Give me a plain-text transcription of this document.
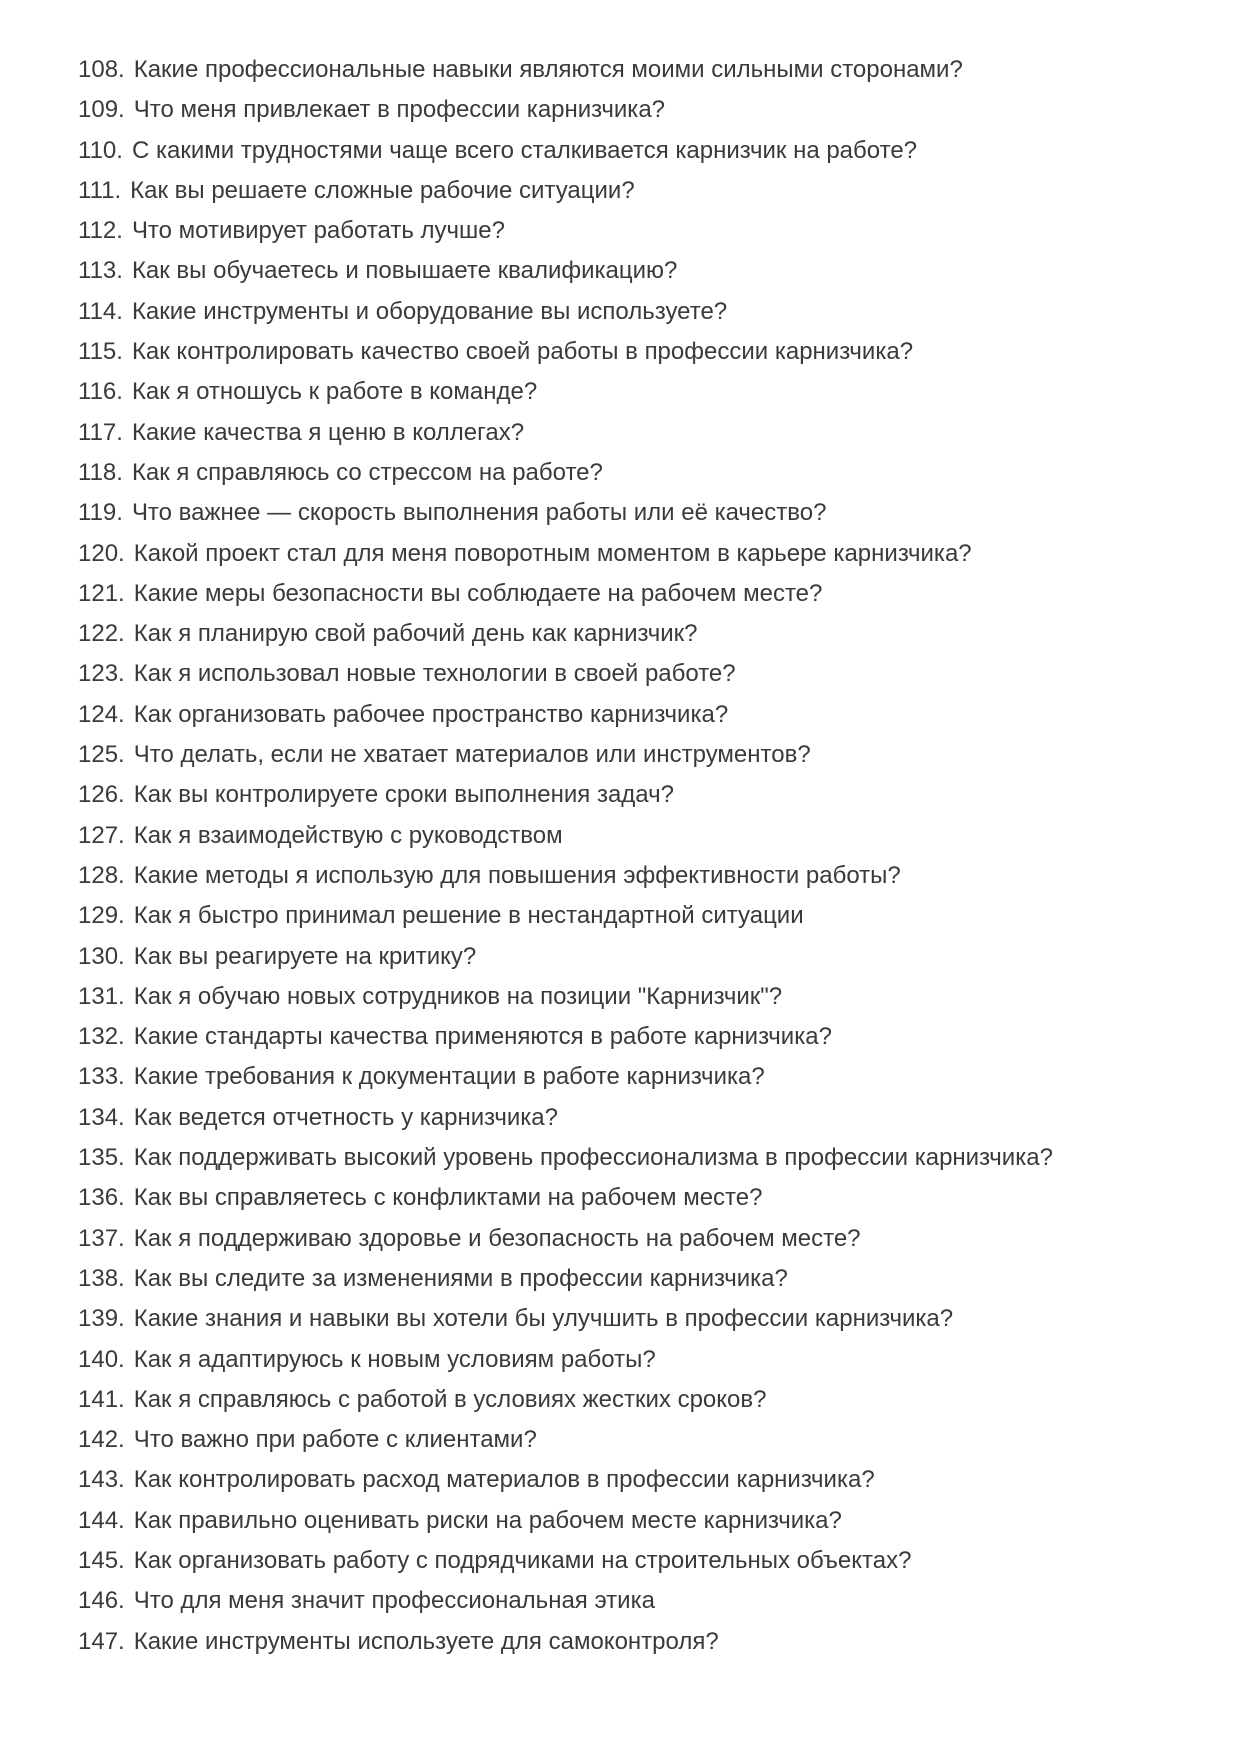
108. Какие профессиональные навыки являются моими сильными сторонами?

109. Что меня привлекает в профессии карнизчика?

110. С какими трудностями чаще всего сталкивается карнизчик на работе?

111. Как вы решаете сложные рабочие ситуации?

112. Что мотивирует работать лучше?

113. Как вы обучаетесь и повышаете квалификацию?

114. Какие инструменты и оборудование вы используете?

115. Как контролировать качество своей работы в профессии карнизчика?

116. Как я отношусь к работе в команде?

117. Какие качества я ценю в коллегах?

118. Как я справляюсь со стрессом на работе?

119. Что важнее — скорость выполнения работы или её качество?

120. Какой проект стал для меня поворотным моментом в карьере карнизчика?

121. Какие меры безопасности вы соблюдаете на рабочем месте?

122. Как я планирую свой рабочий день как карнизчик?

123. Как я использовал новые технологии в своей работе?

124. Как организовать рабочее пространство карнизчика?

125. Что делать, если не хватает материалов или инструментов?

126. Как вы контролируете сроки выполнения задач?

127. Как я взаимодействую с руководством

128. Какие методы я использую для повышения эффективности работы?

129. Как я быстро принимал решение в нестандартной ситуации

130. Как вы реагируете на критику?

131. Как я обучаю новых сотрудников на позиции "Карнизчик"?

132. Какие стандарты качества применяются в работе карнизчика?

133. Какие требования к документации в работе карнизчика?

134. Как ведется отчетность у карнизчика?

135. Как поддерживать высокий уровень профессионализма в профессии карнизчика?

136. Как вы справляетесь с конфликтами на рабочем месте?

137. Как я поддерживаю здоровье и безопасность на рабочем месте?

138. Как вы следите за изменениями в профессии карнизчика?

139. Какие знания и навыки вы хотели бы улучшить в профессии карнизчика?

140. Как я адаптируюсь к новым условиям работы?

141. Как я справляюсь с работой в условиях жестких сроков?

142. Что важно при работе с клиентами?

143. Как контролировать расход материалов в профессии карнизчика?

144. Как правильно оценивать риски на рабочем месте карнизчика?

145. Как организовать работу с подрядчиками на строительных объектах?

146. Что для меня значит профессиональная этика

147. Какие инструменты используете для самоконтроля?
